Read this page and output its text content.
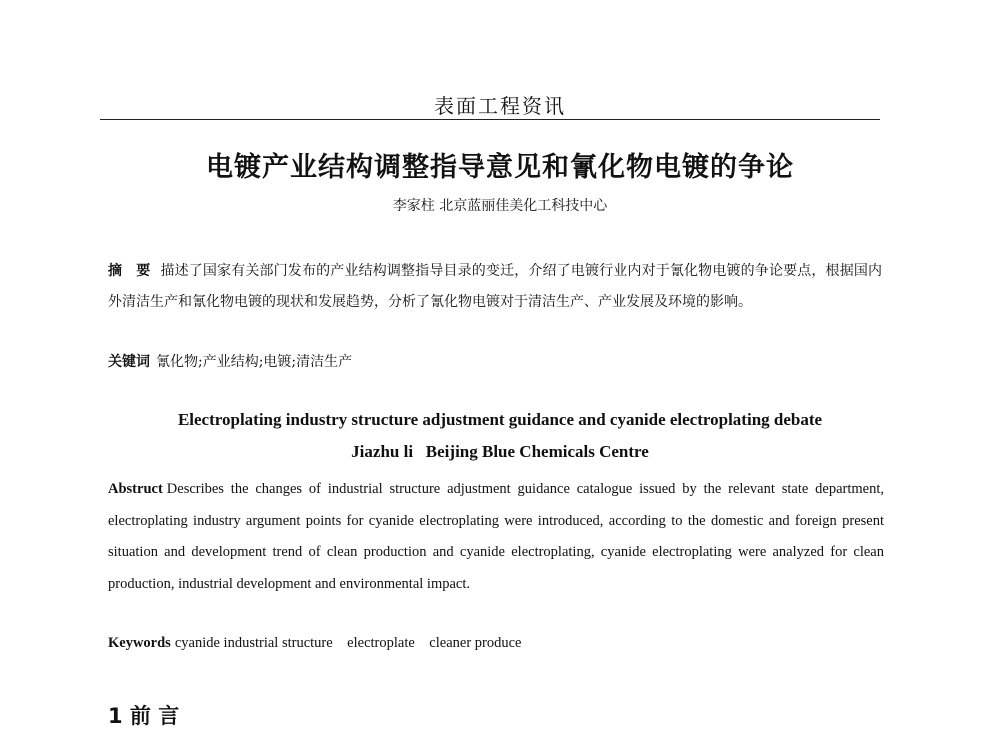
表面工程资讯
电镀产业结构调整指导意见和氰化物电镀的争论
李家柱 北京蓝丽佳美化工科技中心
摘　要 描述了国家有关部门发布的产业结构调整指导目录的变迁，介绍了电镀行业内对于氰化物电镀的争论要点，根据国内外清洁生产和氰化物电镀的现状和发展趋势，分析了氰化物电镀对于清洁生产、产业发展及环境的影响。
关键词 氰化物;产业结构;电镀;清洁生产
Electroplating industry structure adjustment guidance and cyanide electroplating debate
Jiazhu li   Beijing Blue Chemicals Centre
Abstruct Describes the changes of industrial structure adjustment guidance catalogue issued by the relevant state department, electroplating industry argument points for cyanide electroplating were introduced, according to the domestic and foreign present situation and development trend of clean production and cyanide electroplating, cyanide electroplating were analyzed for clean production, industrial development and environmental impact.
Keywords cyanide industrial structure    electroplate    cleaner produce
1 前 言
